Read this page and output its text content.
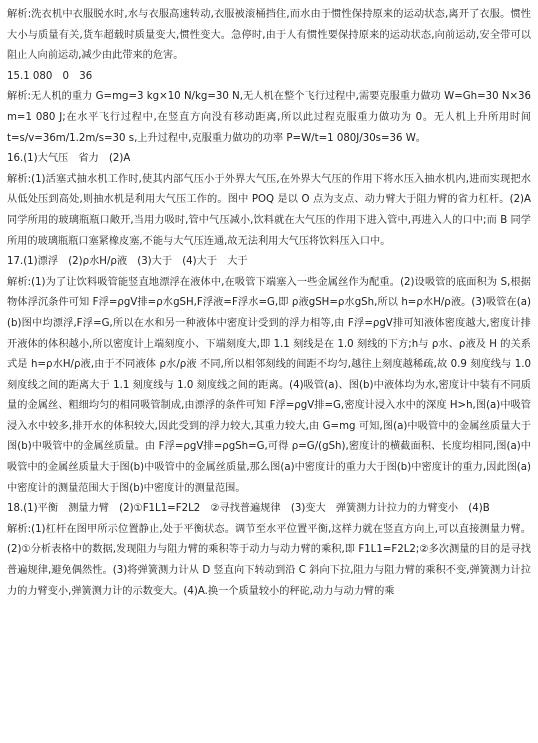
解析:洗衣机中衣服脱水时,水与衣服高速转动,衣服被滚桶挡住,而水由于惯性保持原来的运动状态,离开了衣服。惯性大小与质量有关,货车超载时质量变大,惯性变大。急停时,由于人有惯性要保持原来的运动状态,向前运动,安全带可以阻止人向前运动,减少由此带来的危害。

15.1 080　0　36

解析:无人机的重力 G=mg=3 kg×10 N/kg=30 N,无人机在整个飞行过程中,需要克服重力做功 W=Gh=30 N×36 m=1 080 J;在水平飞行过程中,在竖直方向没有移动距离,所以此过程克服重力做功为 0。无人机上升所用时间 t=s/v=36m/1.2m/s=30 s,上升过程中,克服重力做功的功率 P=W/t=1 080J/30s=36 W。

16.(1)大气压　省力　(2)A

解析:(1)活塞式抽水机工作时,使其内部气压小于外界大气压,在外界大气压的作用下将水压入抽水机内,进而实现把水从低处压到高处,则抽水机是利用大气压工作的。图中 POQ 是以 O 点为支点、动力臂大于阻力臂的省力杠杆。(2)A 同学所用的玻璃瓶瓶口敞开,当用力吸时,管中气压减小,饮料就在大气压的作用下进入管中,再进入人的口中;而 B 同学所用的玻璃瓶瓶口塞紧橡皮塞,不能与大气压连通,故无法利用大气压将饮料压入口中。

17.(1)漂浮　(2)ρ水H/ρ液　(3)大于　(4)大于　大于

解析:(1)为了让饮料吸管能竖直地漂浮在液体中,在吸管下端塞入一些金属丝作为配重。(2)设吸管的底面积为 S,根据物体浮沉条件可知 F浮=ρgV排=ρ水gSH,F浮液=F浮水=G,即 ρ液gSH=ρ水gSh,所以 h=ρ水H/ρ液。(3)吸管在(a)(b)图中均漂浮,F浮=G,所以在水和另一种液体中密度计受到的浮力相等,由 F浮=ρgV排可知液体密度越大,密度计排开液体的体积越小,所以密度计上端刻度小、下端刻度大,即 1.1 刻线是在 1.0 刻线的下方;h与 ρ水、ρ液及 H 的关系式是 h=ρ水H/ρ液,由于不同液体 ρ水/ρ液 不同,所以相邻刻线的间距不均匀,越往上刻度越稀疏,故 0.9 刻度线与 1.0 刻度线之间的距离大于 1.1 刻度线与 1.0 刻度线之间的距离。(4)吸管(a)、图(b)中液体均为水,密度计中装有不同质量的金属丝、粗细均匀的相同吸管制成,由漂浮的条件可知 F浮=ρgV排=G,密度计浸入水中的深度 H>h,图(a)中吸管浸入水中较多,排开水的体积较大,因此受到的浮力较大,其重力较大,由 G=mg 可知,图(a)中吸管中的金属丝质量大于图(b)中吸管中的金属丝质量。由 F浮=ρgV排=ρgSh=G,可得 ρ=G/(gSh),密度计的横截面积、长度均相同,图(a)中吸管中的金属丝质量大于图(b)中吸管中的金属丝质量,那么图(a)中密度计的重力大于图(b)中密度计的重力,因此图(a)中密度计的测量范围大于图(b)中密度计的测量范围。

18.(1)平衡　测量力臂　(2)①F1L1=F2L2　②寻找普遍规律　(3)变大　弹簧测力计拉力的力臂变小　(4)B

解析:(1)杠杆在图甲所示位置静止,处于平衡状态。调节至水平位置平衡,这样力就在竖直方向上,可以直接测量力臂。(2)①分析表格中的数据,发现阻力与阻力臂的乘积等于动力与动力臂的乘积,即 F1L1=F2L2;②多次测量的目的是寻找普遍规律,避免偶然性。(3)将弹簧测力计从 D 竖直向下转动到沿 C 斜向下拉,阻力与阻力臂的乘积不变,弹簧测力计拉力的力臂变小,弹簧测力计的示数变大。(4)A.换一个质量较小的秤砣,动力与动力臂的乘
